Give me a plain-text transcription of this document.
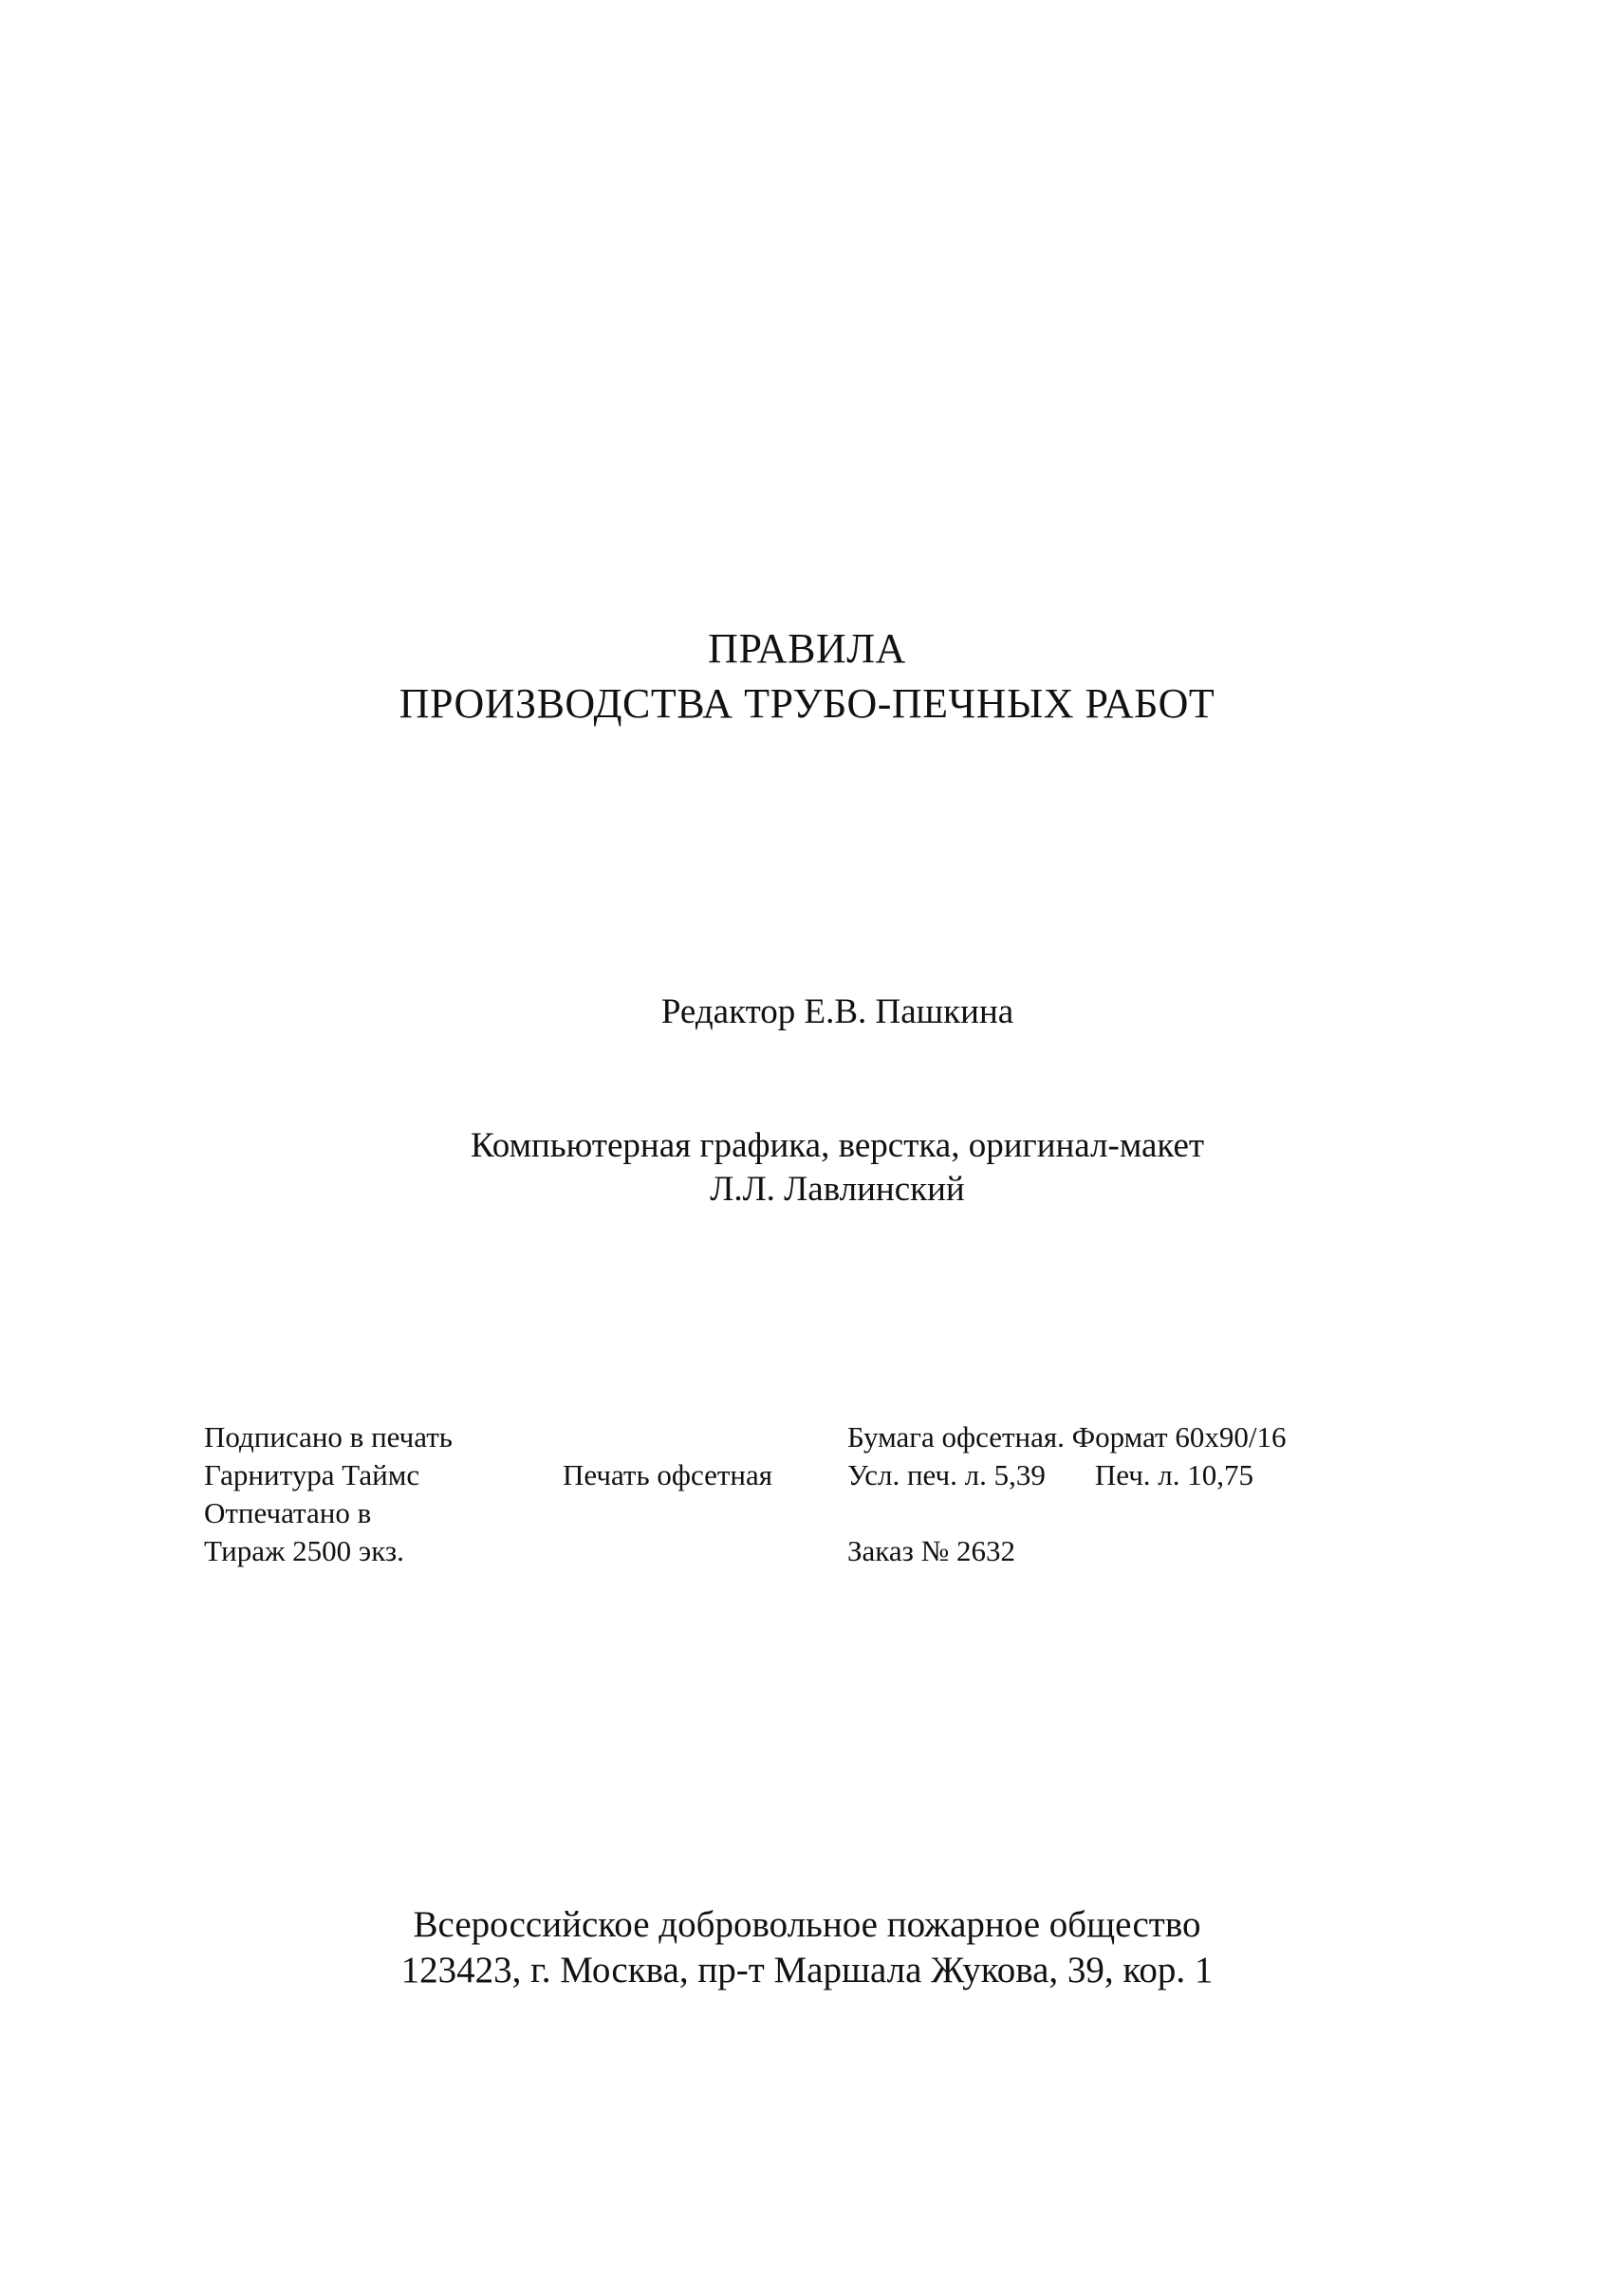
ПРАВИЛА
ПРОИЗВОДСТВА ТРУБО-ПЕЧНЫХ РАБОТ
Редактор Е.В. Пашкина
Компьютерная графика, верстка, оригинал-макет
Л.Л. Лавлинский
Подписано в печать
Гарнитура Таймс
Отпечатано в
Тираж 2500 экз.
Печать офсетная
Бумага офсетная. Формат 60х90/16
Усл. печ. л. 5,39 Печ. л. 10,75
Заказ № 2632
Всероссийское добровольное пожарное общество
123423, г. Москва, пр-т Маршала Жукова, 39, кор. 1
